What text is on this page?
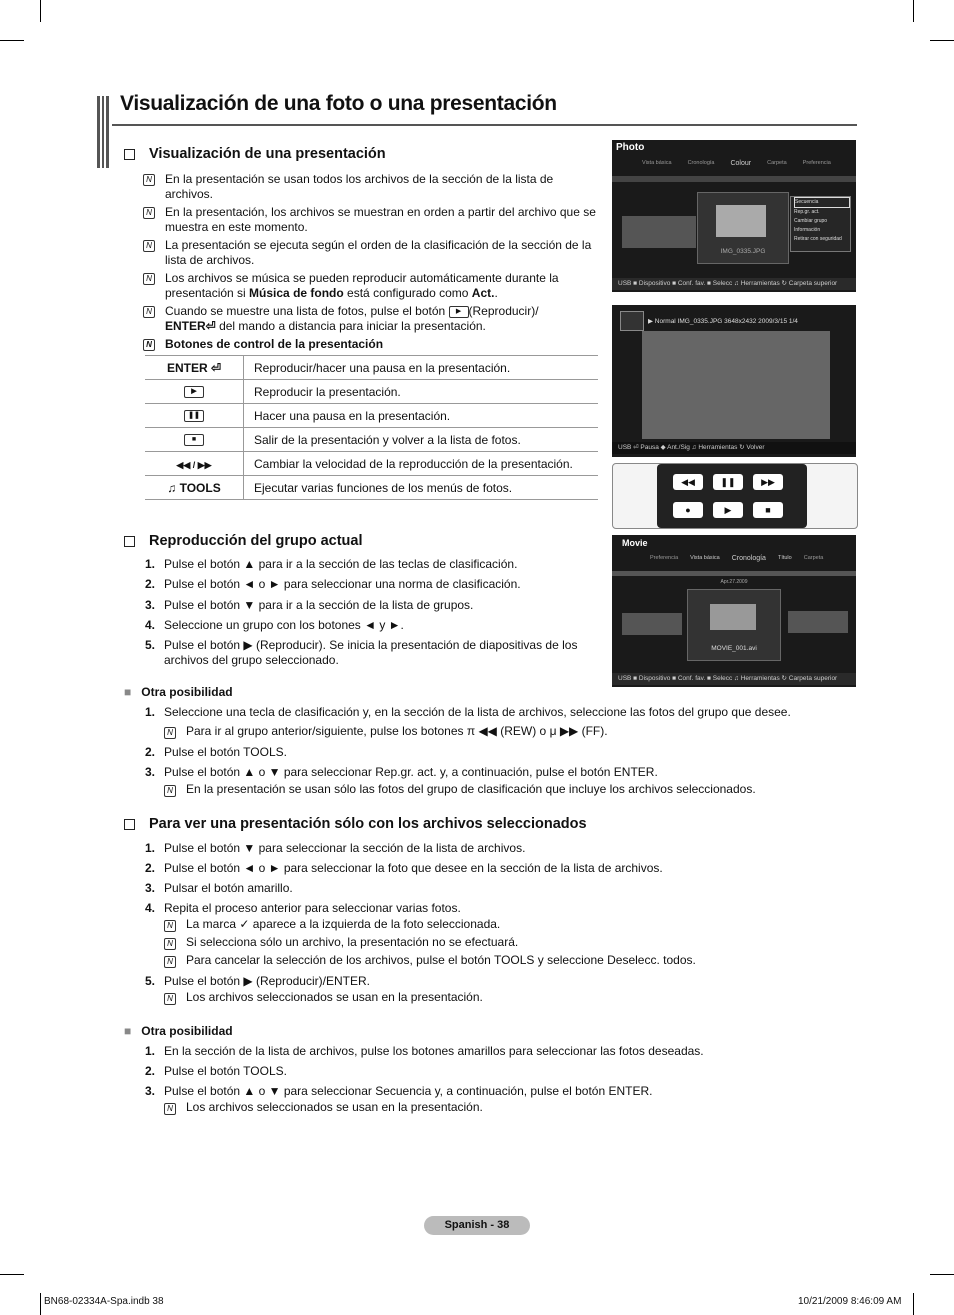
Visualización de una foto o una presentación
Visualización de una presentación
N En la presentación se usan todos los archivos de la sección de la lista de archivos.
N En la presentación, los archivos se muestran en orden a partir del archivo que se muestra en este momento.
N La presentación se ejecuta según el orden de la clasificación de la sección de la lista de archivos.
N Los archivos se música se pueden reproducir automáticamente durante la presentación si Música de fondo está configurado como Act..
N Cuando se muestre una lista de fotos, pulse el botón ▶ (Reproducir)/
ENTER⏎ del mando a distancia para iniciar la presentación.
N Botones de control de la presentación
ENTER ⏎	Reproducir/hacer una pausa en la presentación.
▶	Reproducir la presentación.
❚❚	Hacer una pausa en la presentación.
■	Salir de la presentación y volver a la lista de fotos.
◀◀ / ▶▶	Cambiar la velocidad de la reproducción de la presentación.
♫ TOOLS	Ejecutar varias funciones de los menús de fotos.
Reproducción del grupo actual
1. Pulse el botón ▲ para ir a la sección de las teclas de clasificación.
2. Pulse el botón ◄ o ► para seleccionar una norma de clasificación.
3. Pulse el botón ▼ para ir a la sección de la lista de grupos.
4. Seleccione un grupo con los botones ◄ y ►.
5. Pulse el botón ▶ (Reproducir). Se inicia la presentación de diapositivas de los archivos del grupo seleccionado.
■ Otra posibilidad
1. Seleccione una tecla de clasificación y, en la sección de la lista de archivos, seleccione las fotos del grupo que desee.
N Para ir al grupo anterior/siguiente, pulse los botones π ◀◀ (REW) o μ ▶▶ (FF).
2. Pulse el botón TOOLS.
3. Pulse el botón ▲ o ▼ para seleccionar Rep.gr. act. y, a continuación, pulse el botón ENTER.
N En la presentación se usan sólo las fotos del grupo de clasificación que incluye los archivos seleccionados.
Para ver una presentación sólo con los archivos seleccionados
1. Pulse el botón ▼ para seleccionar la sección de la lista de archivos.
2. Pulse el botón ◄ o ► para seleccionar la foto que desee en la sección de la lista de archivos.
3. Pulsar el botón amarillo.
4. Repita el proceso anterior para seleccionar varias fotos.
N La marca ✓ aparece a la izquierda de la foto seleccionada.
N Si selecciona sólo un archivo, la presentación no se efectuará.
N Para cancelar la selección de los archivos, pulse el botón TOOLS y seleccione Deselecc. todos.
5. Pulse el botón ▶ (Reproducir)/ENTER.
N Los archivos seleccionados se usan en la presentación.
■ Otra posibilidad
1. En la sección de la lista de archivos, pulse los botones amarillos para seleccionar las fotos deseadas.
2. Pulse el botón TOOLS.
3. Pulse el botón ▲ o ▼ para seleccionar Secuencia y, a continuación, pulse el botón ENTER.
N Los archivos seleccionados se usan en la presentación.
Photo
Vista básica	Cronología Colour	Carpeta	Preferencia
IMG_0335.JPG
Secuencia
Rep.gr. act.
Cambiar grupo
Información
Retirar con seguridad
USB ■ Dispositivo ■ Conf. fav. ■ Selecc ♫ Herramientas ↻ Carpeta superior
▶ Normal IMG_0335.JPG 3648x2432 2009/3/15 1/4
USB ⏎ Pausa ◆ Ant./Sig ♫ Herramientas ↻ Volver
◀◀	❚❚	▶▶
●	▶	■
Movie
Preferencia Vista básica Cronología Título Carpeta
Apr.27.2009
MOVIE_001.avi
USB ■ Dispositivo ■ Conf. fav. ■ Selecc ♫ Herramientas ↻ Carpeta superior
Spanish - 38
BN68-02334A-Spa.indb 38	10/21/2009 8:46:09 AM
